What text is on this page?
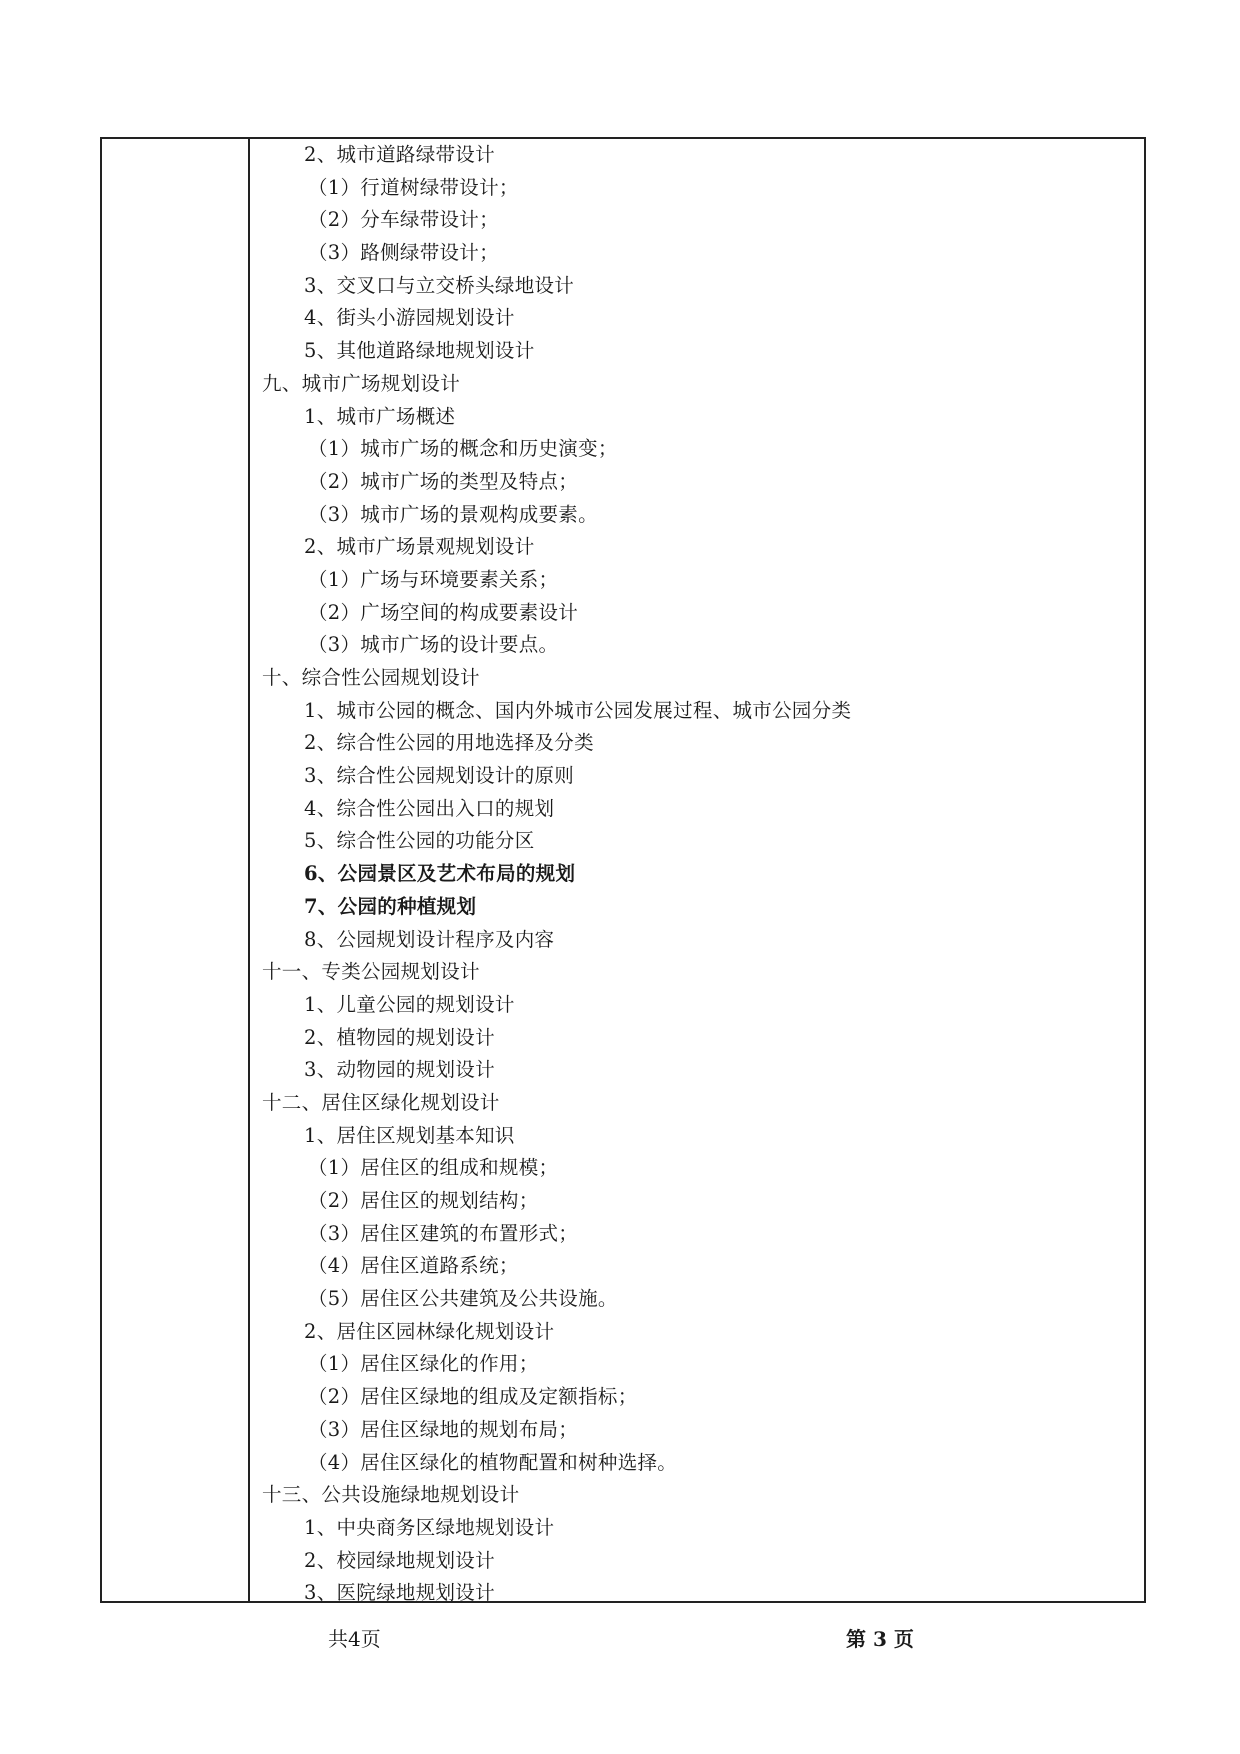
2、城市道路绿带设计
（1）行道树绿带设计；
（2）分车绿带设计；
（3）路侧绿带设计；
3、交叉口与立交桥头绿地设计
4、街头小游园规划设计
5、其他道路绿地规划设计
九、城市广场规划设计
1、城市广场概述
（1）城市广场的概念和历史演变；
（2）城市广场的类型及特点；
（3）城市广场的景观构成要素。
2、城市广场景观规划设计
（1）广场与环境要素关系；
（2）广场空间的构成要素设计
（3）城市广场的设计要点。
十、综合性公园规划设计
1、城市公园的概念、国内外城市公园发展过程、城市公园分类
2、综合性公园的用地选择及分类
3、综合性公园规划设计的原则
4、综合性公园出入口的规划
5、综合性公园的功能分区
6、公园景区及艺术布局的规划
7、公园的种植规划
8、公园规划设计程序及内容
十一、专类公园规划设计
1、儿童公园的规划设计
2、植物园的规划设计
3、动物园的规划设计
十二、居住区绿化规划设计
1、居住区规划基本知识
（1）居住区的组成和规模；
（2）居住区的规划结构；
（3）居住区建筑的布置形式；
（4）居住区道路系统；
（5）居住区公共建筑及公共设施。
2、居住区园林绿化规划设计
（1）居住区绿化的作用；
（2）居住区绿地的组成及定额指标；
（3）居住区绿地的规划布局；
（4）居住区绿化的植物配置和树种选择。
十三、公共设施绿地规划设计
1、中央商务区绿地规划设计
2、校园绿地规划设计
3、医院绿地规划设计
共4页	第 3 页
